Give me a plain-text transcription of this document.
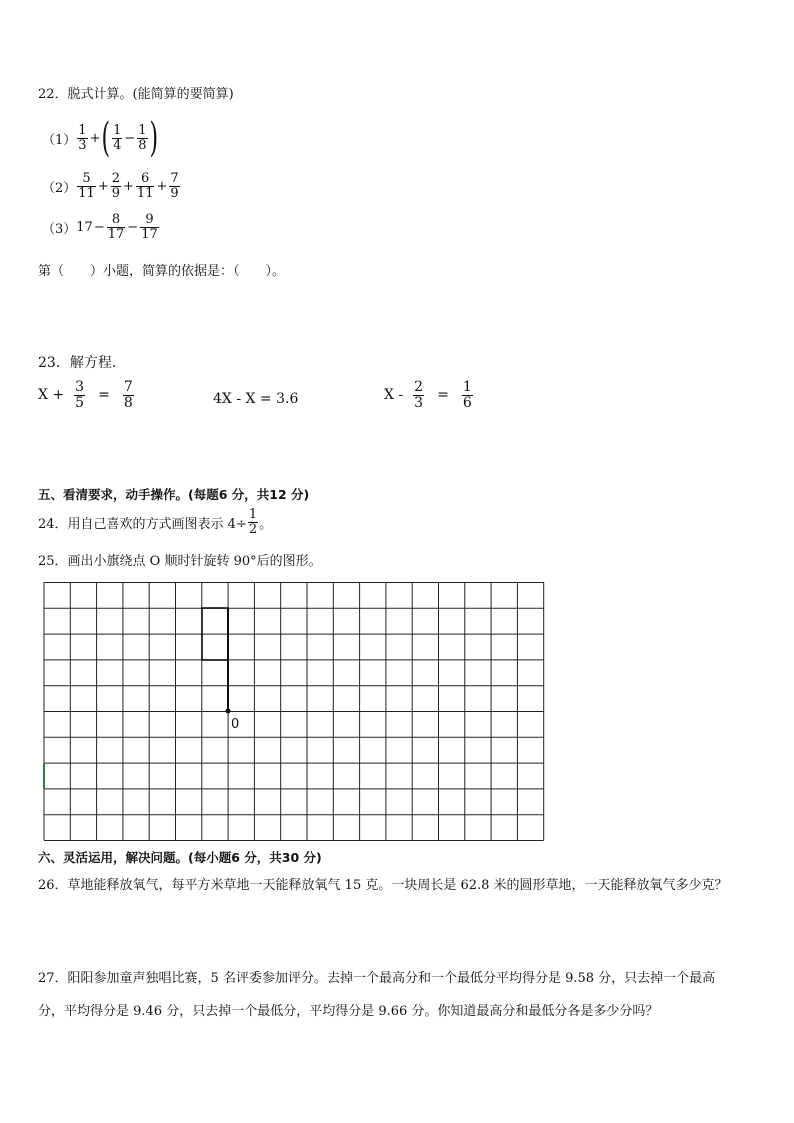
22．脱式计算。(能简算的要简算)
$(1) \frac{1}{3}$ + ( $\frac{1}{4} - \frac{1}{8}$ )
$(2) \frac{5}{11} + \frac{2}{9} + \frac{6}{11} + \frac{7}{9}$
（3） $17 - \frac{8}{17} - \frac{9}{17}$
第（　　）小题，简算的依据是：（　　）。
23．解方程.
$X + \frac{3}{5} = \frac{7}{8}$	4X - X = 3.6	$X - \frac{2}{3} = \frac{1}{6}$
五、看清要求，动手操作。(每题6 分，共12 分)
24．用自己喜欢的方式画图表示 $4\div \frac{1}{2}$ 。
25．画出小旗绕点 O 顺时针旋转 90°后的图形。
0
六、灵活运用，解决问题。(每小题6 分，共30 分)
26．草地能释放氧气，每平方米草地一天能释放氧气 15 克。一块周长是 62.8 米的圆形草地，一天能释放氧气多少克？
27．阳阳参加童声独唱比赛，5 名评委参加评分。去掉一个最高分和一个最低分平均得分是 9.58 分，只去掉一个最高
分，平均得分是 9.46 分，只去掉一个最低分，平均得分是 9.66 分。你知道最高分和最低分各是多少分吗？
